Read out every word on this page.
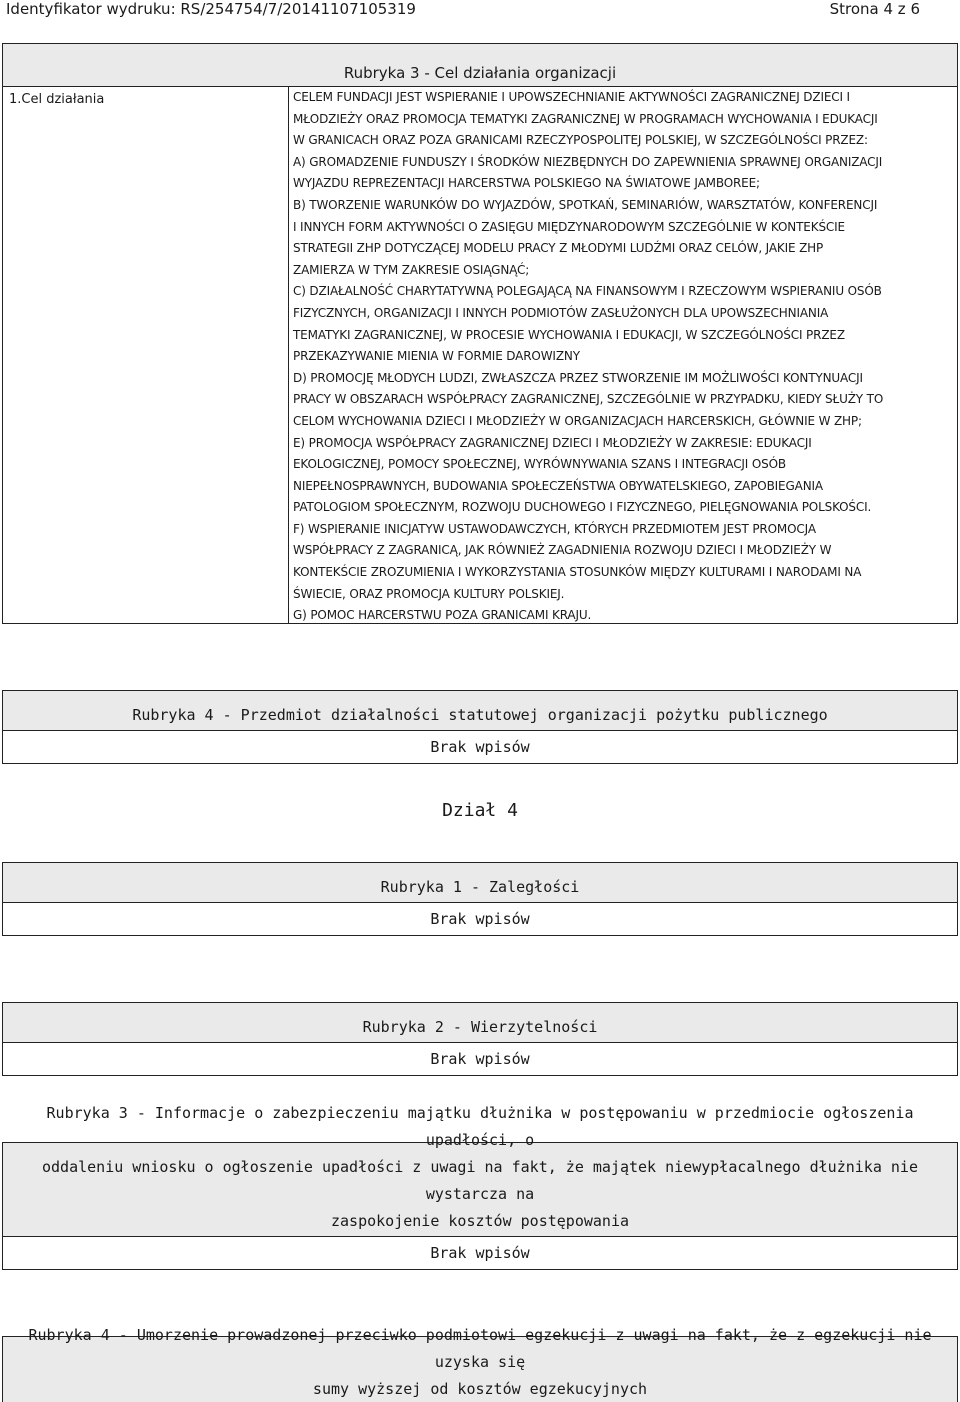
Identyfikator wydruku: RS/254754/7/20141107105319	Strona 4 z 6
Rubryka 3 - Cel działania organizacji
1.Cel działania	CELEM FUNDACJI JEST WSPIERANIE I UPOWSZECHNIANIE AKTYWNOŚCI ZAGRANICZNEJ DZIECI I
MŁODZIEŻY ORAZ PROMOCJA TEMATYKI ZAGRANICZNEJ W PROGRAMACH WYCHOWANIA I EDUKACJI
W GRANICACH ORAZ POZA GRANICAMI RZECZYPOSPOLITEJ POLSKIEJ, W SZCZEGÓLNOŚCI PRZEZ:
A) GROMADZENIE FUNDUSZY I ŚRODKÓW NIEZBĘDNYCH DO ZAPEWNIENIA SPRAWNEJ ORGANIZACJI
WYJAZDU REPREZENTACJI HARCERSTWA POLSKIEGO NA ŚWIATOWE JAMBOREE;
B) TWORZENIE WARUNKÓW DO WYJAZDÓW, SPOTKAŃ, SEMINARIÓW, WARSZTATÓW, KONFERENCJI
I INNYCH FORM AKTYWNOŚCI O ZASIĘGU MIĘDZYNARODOWYM SZCZEGÓLNIE W KONTEKŚCIE
STRATEGII ZHP DOTYCZĄCEJ MODELU PRACY Z MŁODYMI LUDŹMI ORAZ CELÓW, JAKIE ZHP
ZAMIERZA W TYM ZAKRESIE OSIĄGNĄĆ;
C) DZIAŁALNOŚĆ CHARYTATYWNĄ POLEGAJĄCĄ NA FINANSOWYM I RZECZOWYM WSPIERANIU OSÓB
FIZYCZNYCH, ORGANIZACJI I INNYCH PODMIOTÓW ZASŁUŻONYCH DLA UPOWSZECHNIANIA
TEMATYKI ZAGRANICZNEJ, W PROCESIE WYCHOWANIA I EDUKACJI, W SZCZEGÓLNOŚCI PRZEZ
PRZEKAZYWANIE MIENIA W FORMIE DAROWIZNY
D) PROMOCJĘ MŁODYCH LUDZI, ZWŁASZCZA PRZEZ STWORZENIE IM MOŻLIWOŚCI KONTYNUACJI
PRACY W OBSZARACH WSPÓŁPRACY ZAGRANICZNEJ, SZCZEGÓLNIE W PRZYPADKU, KIEDY SŁUŻY TO
CELOM WYCHOWANIA DZIECI I MŁODZIEŻY W ORGANIZACJACH HARCERSKICH, GŁÓWNIE W ZHP;
E) PROMOCJA WSPÓŁPRACY ZAGRANICZNEJ DZIECI I MŁODZIEŻY W ZAKRESIE: EDUKACJI
EKOLOGICZNEJ, POMOCY SPOŁECZNEJ, WYRÓWNYWANIA SZANS I INTEGRACJI OSÓB
NIEPEŁNOSPRAWNYCH, BUDOWANIA SPOŁECZEŃSTWA OBYWATELSKIEGO, ZAPOBIEGANIA
PATOLOGIOM SPOŁECZNYM, ROZWOJU DUCHOWEGO I FIZYCZNEGO, PIELĘGNOWANIA POLSKOŚCI.
F) WSPIERANIE INICJATYW USTAWODAWCZYCH, KTÓRYCH PRZEDMIOTEM JEST PROMOCJA
WSPÓŁPRACY Z ZAGRANICĄ, JAK RÓWNIEŻ ZAGADNIENIA ROZWOJU DZIECI I MŁODZIEŻY W
KONTEKŚCIE ZROZUMIENIA I WYKORZYSTANIA STOSUNKÓW MIĘDZY KULTURAMI I NARODAMI NA
ŚWIECIE, ORAZ PROMOCJA KULTURY POLSKIEJ.
G) POMOC HARCERSTWU POZA GRANICAMI KRAJU.
Rubryka 4 - Przedmiot działalności statutowej organizacji pożytku publicznego
Brak wpisów
Dział 4
Rubryka 1 - Zaległości
Brak wpisów
Rubryka 2 - Wierzytelności
Brak wpisów
Rubryka 3 - Informacje o zabezpieczeniu majątku dłużnika w postępowaniu w przedmiocie ogłoszenia upadłości, o
oddaleniu wniosku o ogłoszenie upadłości z uwagi na fakt, że majątek niewypłacalnego dłużnika nie wystarcza na
zaspokojenie kosztów postępowania
Brak wpisów
Rubryka 4 - Umorzenie prowadzonej przeciwko podmiotowi egzekucji z uwagi na fakt, że z egzekucji nie uzyska się
sumy wyższej od kosztów egzekucyjnych
